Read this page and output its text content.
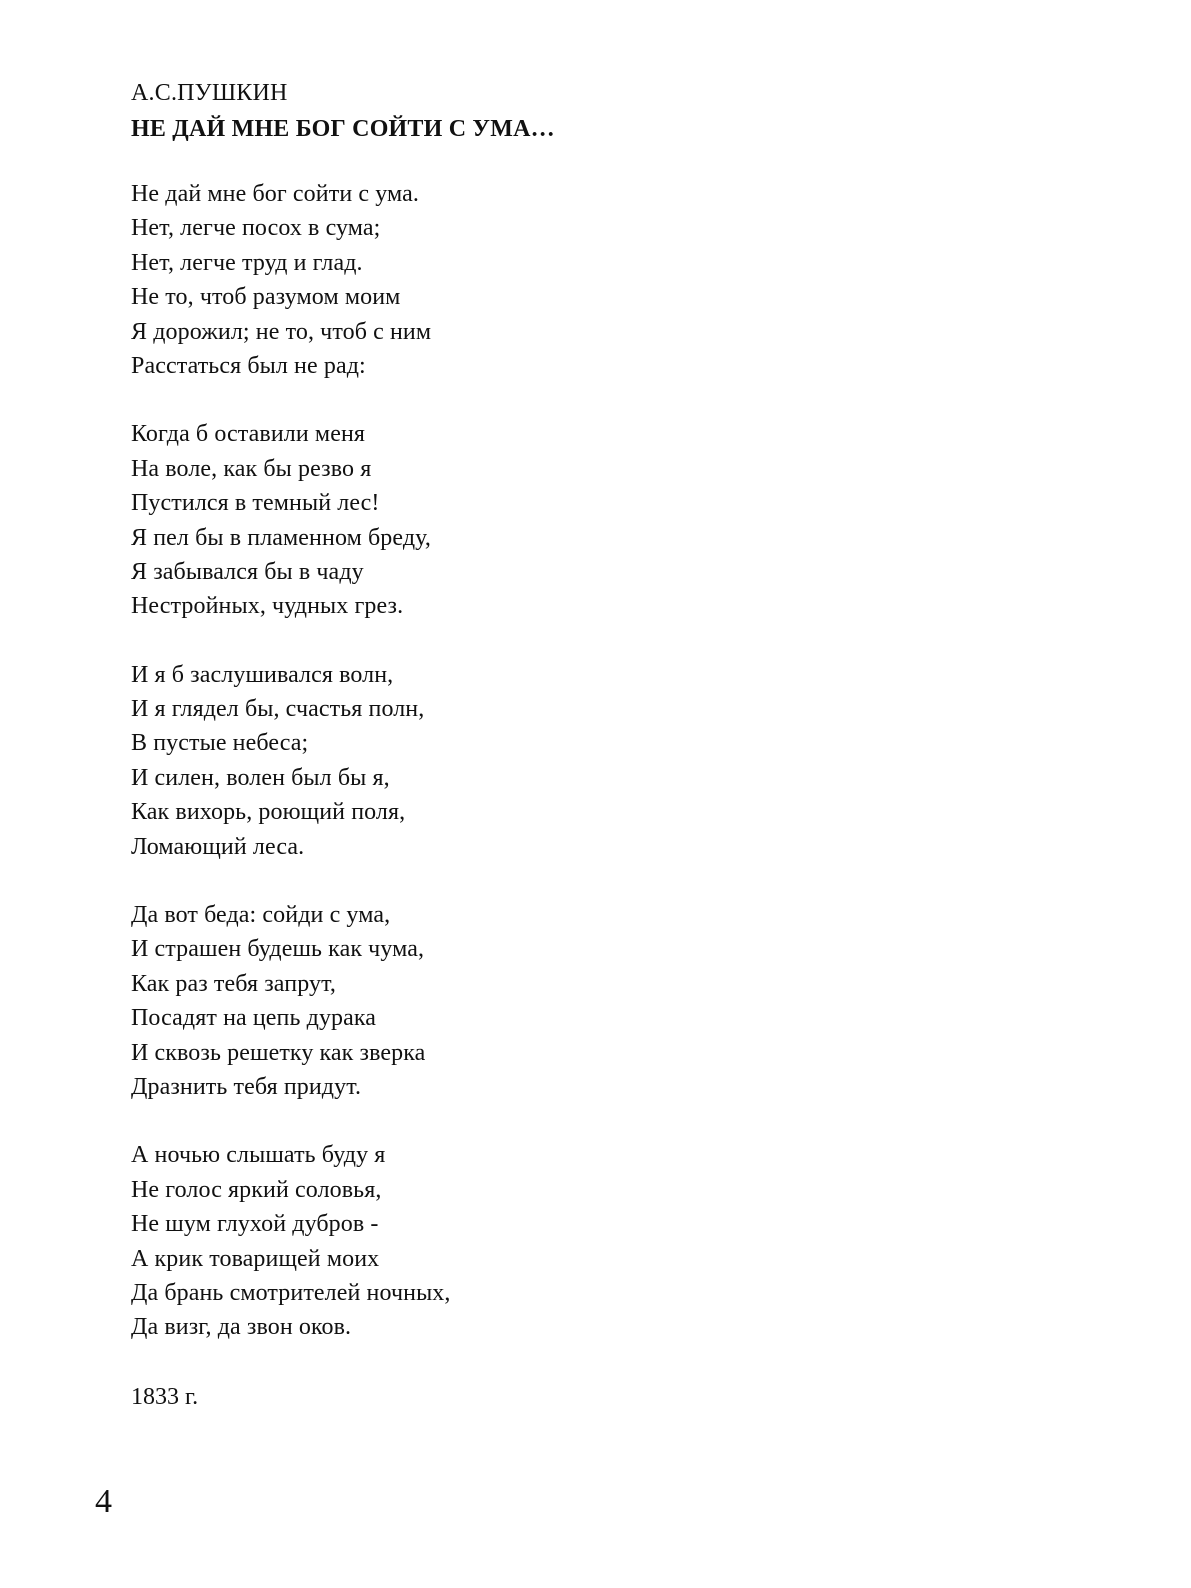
А.С.ПУШКИН
НЕ ДАЙ МНЕ БОГ СОЙТИ С УМА…
Не дай мне бог сойти с ума.
Нет, легче посох в сума;
Нет, легче труд и глад.
Не то, чтоб разумом моим
Я дорожил; не то, чтоб с ним
Расстаться был не рад:
Когда б оставили меня
На воле, как бы резво я
Пустился в темный лес!
Я пел бы в пламенном бреду,
Я забывался бы в чаду
Нестройных, чудных грез.
И я б заслушивался волн,
И я глядел бы, счастья полн,
В пустые небеса;
И силен, волен был бы я,
Как вихорь, роющий поля,
Ломающий леса.
Да вот беда: сойди с ума,
И страшен будешь как чума,
Как раз тебя запрут,
Посадят на цепь дурака
И сквозь решетку как зверка
Дразнить тебя придут.
А ночью слышать буду я
Не голос яркий соловья,
Не шум глухой дубров -
А крик товарищей моих
Да брань смотрителей ночных,
Да визг, да звон оков.
1833 г.
4
